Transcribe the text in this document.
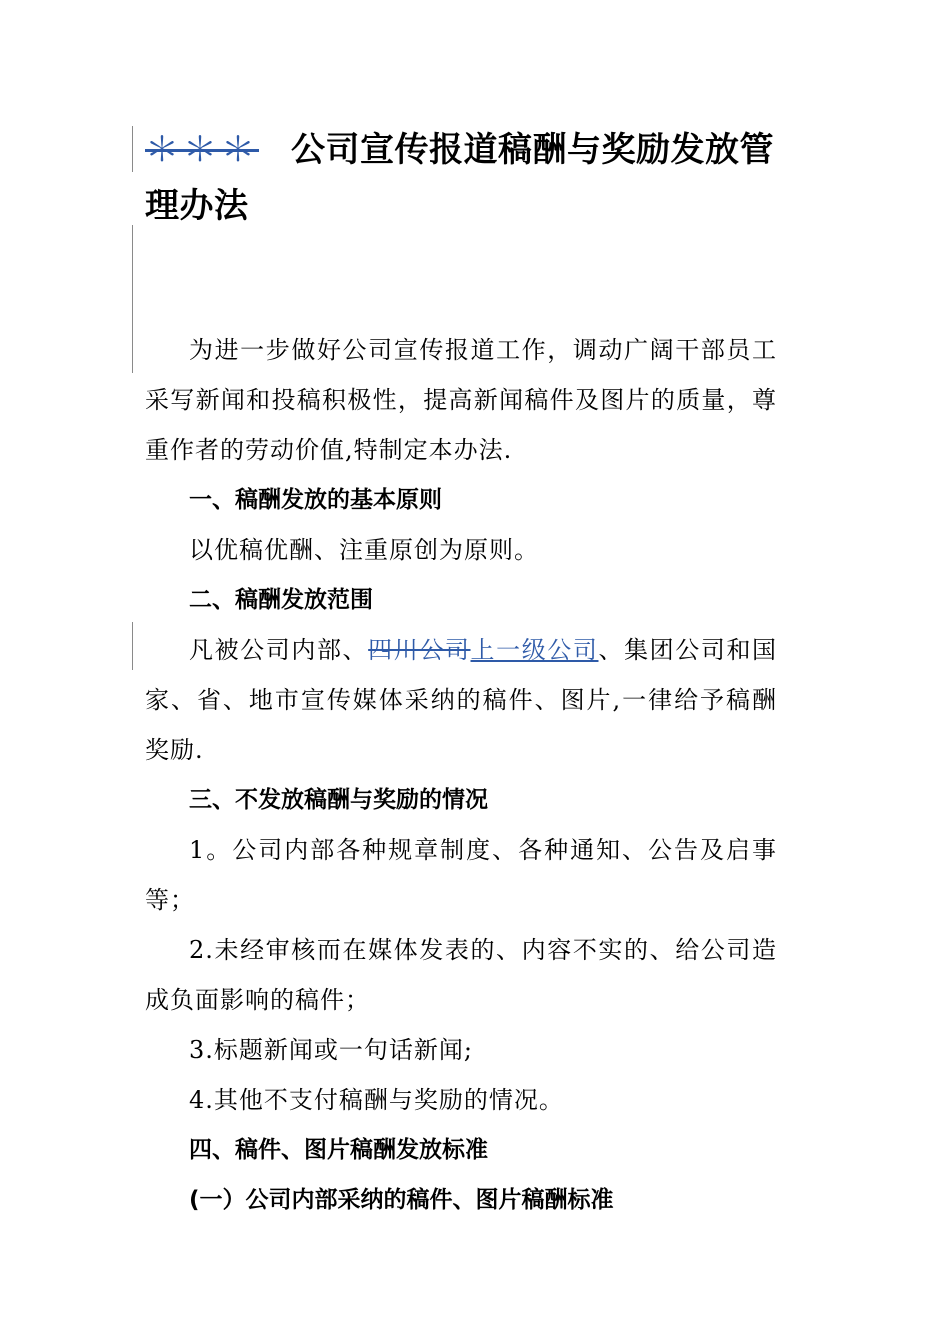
＊＊＊ 公司宣传报道稿酬与奖励发放管理办法

为进一步做好公司宣传报道工作，调动广阔干部员工采写新闻和投稿积极性，提高新闻稿件及图片的质量，尊重作者的劳动价值,特制定本办法.

一、稿酬发放的基本原则

以优稿优酬、注重原创为原则。

二、稿酬发放范围

凡被公司内部、四川公司上一级公司、集团公司和国家、省、地市宣传媒体采纳的稿件、图片,一律给予稿酬奖励.

三、不发放稿酬与奖励的情况

1。公司内部各种规章制度、各种通知、公告及启事等；

2.未经审核而在媒体发表的、内容不实的、给公司造成负面影响的稿件；

3.标题新闻或一句话新闻;

4.其他不支付稿酬与奖励的情况。

四、稿件、图片稿酬发放标准

(一）公司内部采纳的稿件、图片稿酬标准
